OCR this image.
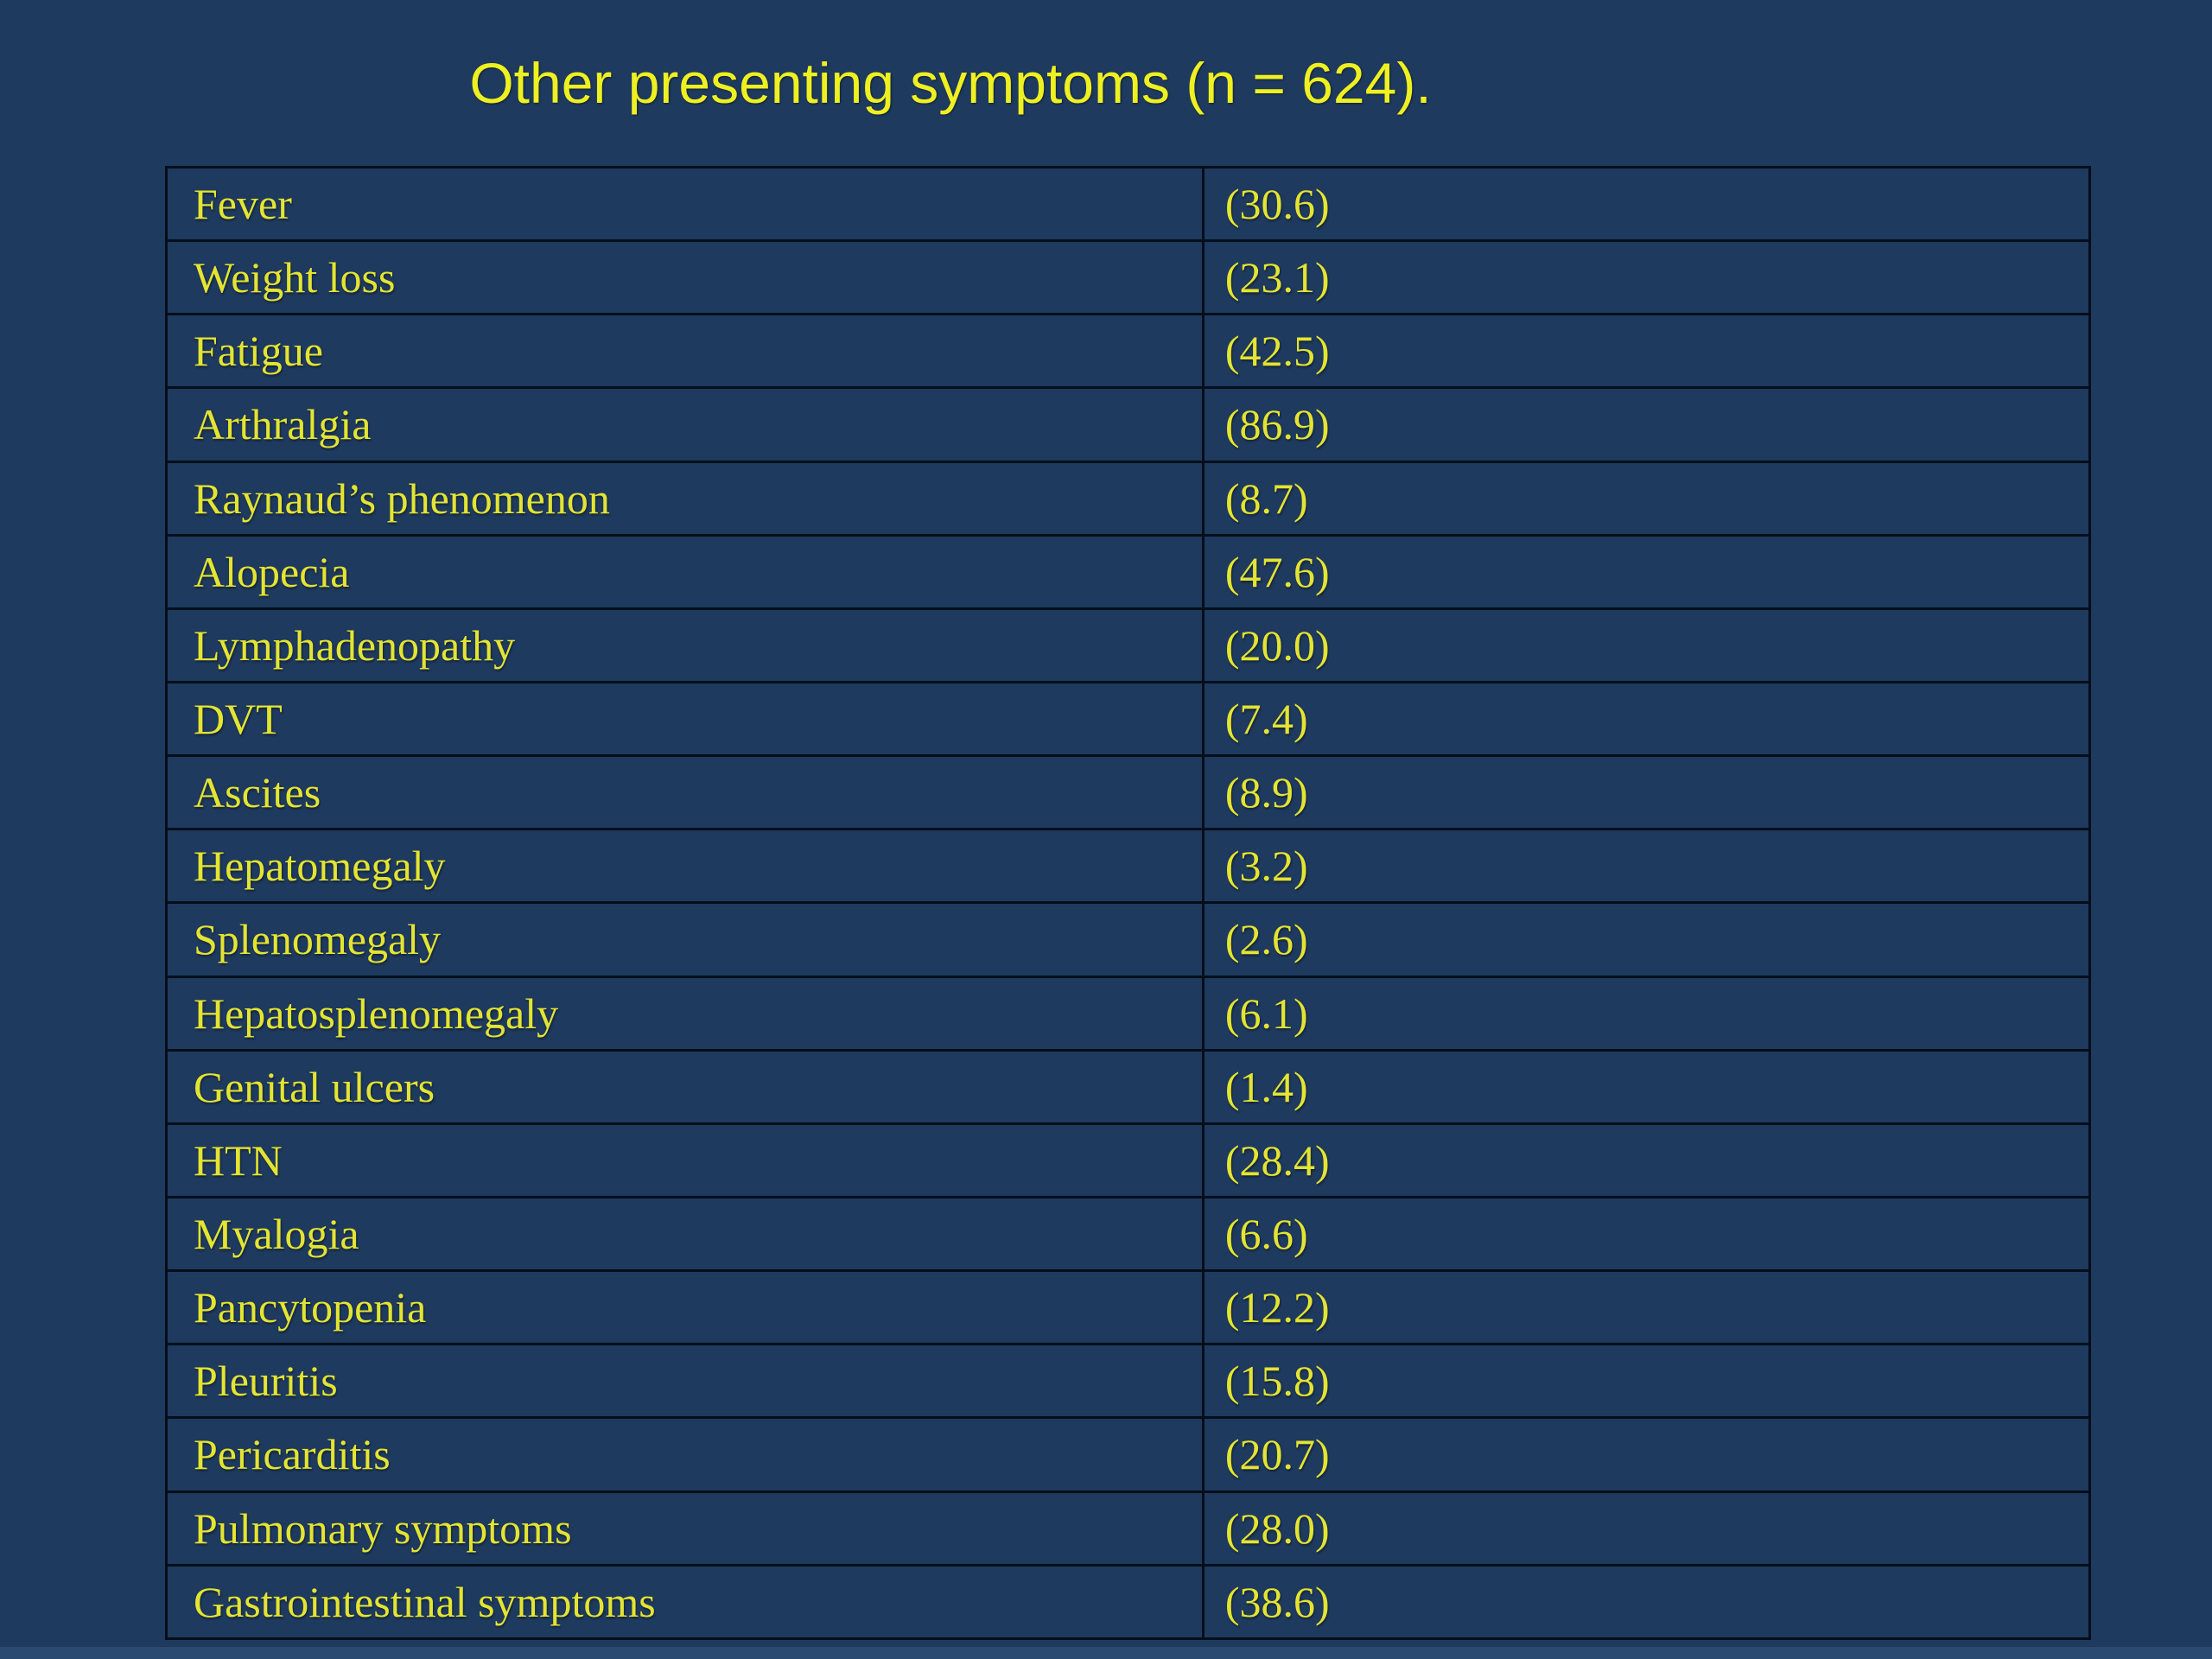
Other presenting symptoms (n = 624).
Fever	(30.6)
Weight loss	(23.1)
Fatigue	(42.5)
Arthralgia	(86.9)
Raynaud’s phenomenon	(8.7)
Alopecia	(47.6)
Lymphadenopathy	(20.0)
DVT	(7.4)
Ascites	(8.9)
Hepatomegaly	(3.2)
Splenomegaly	(2.6)
Hepatosplenomegaly	(6.1)
Genital ulcers	(1.4)
HTN	(28.4)
Myalogia	(6.6)
Pancytopenia	(12.2)
Pleuritis	(15.8)
Pericarditis	(20.7)
Pulmonary symptoms	(28.0)
Gastrointestinal symptoms	(38.6)
